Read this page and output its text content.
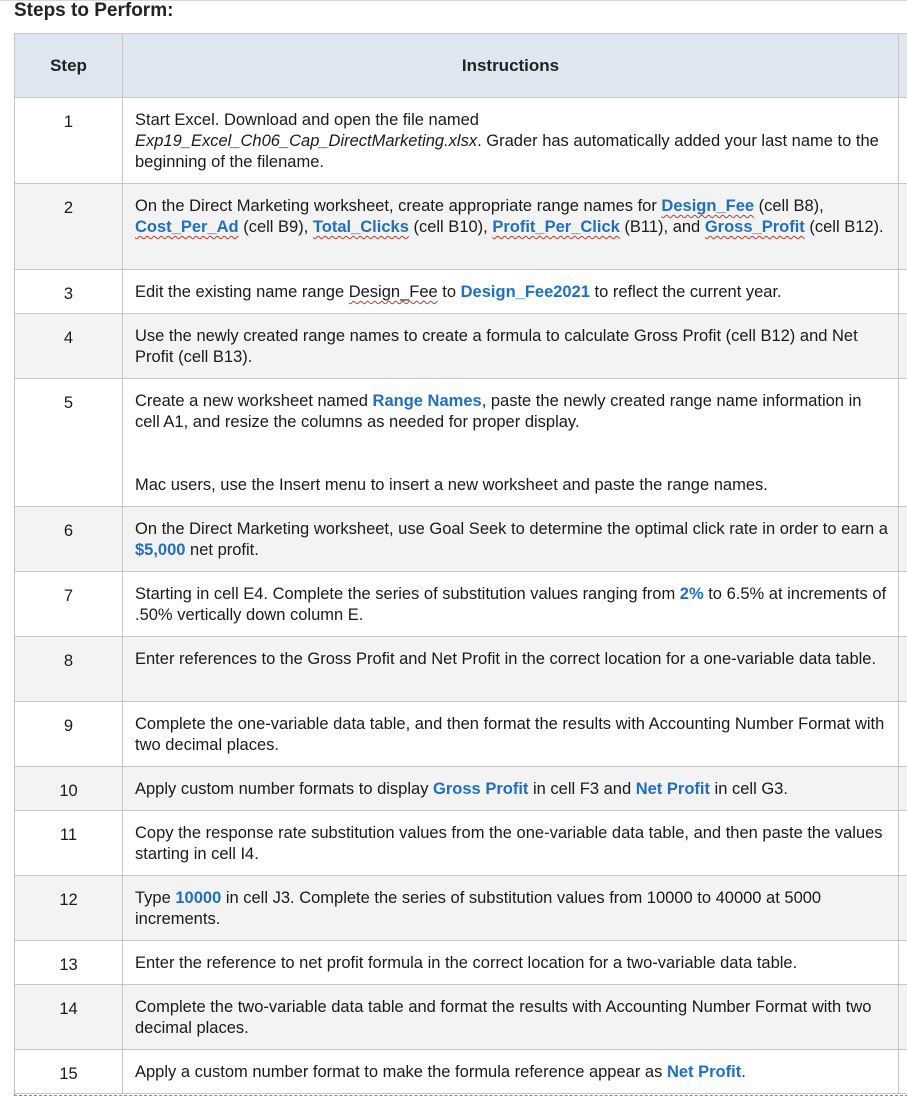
Steps to Perform:
Step	Instructions	
1	Start Excel. Download and open the file named
Exp19_Excel_Ch06_Cap_DirectMarketing.xlsx. Grader has automatically added your last name to the beginning of the filename.	
2	On the Direct Marketing worksheet, create appropriate range names for Design_Fee (cell B8), Cost_Per_Ad (cell B9), Total_Clicks (cell B10), Profit_Per_Click (B11), and Gross_Profit (cell B12).	
3	Edit the existing name range Design_Fee to Design_Fee2021 to reflect the current year.	
4	Use the newly created range names to create a formula to calculate Gross Profit (cell B12) and Net Profit (cell B13).	
5	Create a new worksheet named Range Names, paste the newly created range name information in cell A1, and resize the columns as needed for proper display.
Mac users, use the Insert menu to insert a new worksheet and paste the range names.	
6	On the Direct Marketing worksheet, use Goal Seek to determine the optimal click rate in order to earn a $5,000 net profit.	
7	Starting in cell E4. Complete the series of substitution values ranging from 2% to 6.5% at increments of .50% vertically down column E.	
8	Enter references to the Gross Profit and Net Profit in the correct location for a one-variable data table.	
9	Complete the one-variable data table, and then format the results with Accounting Number Format with two decimal places.	
10	Apply custom number formats to display Gross Profit in cell F3 and Net Profit in cell G3.	
11	Copy the response rate substitution values from the one-variable data table, and then paste the values starting in cell I4.	
12	Type 10000 in cell J3. Complete the series of substitution values from 10000 to 40000 at 5000 increments.	
13	Enter the reference to net profit formula in the correct location for a two-variable data table.	
14	Complete the two-variable data table and format the results with Accounting Number Format with two decimal places.	
15	Apply a custom number format to make the formula reference appear as Net Profit.	
